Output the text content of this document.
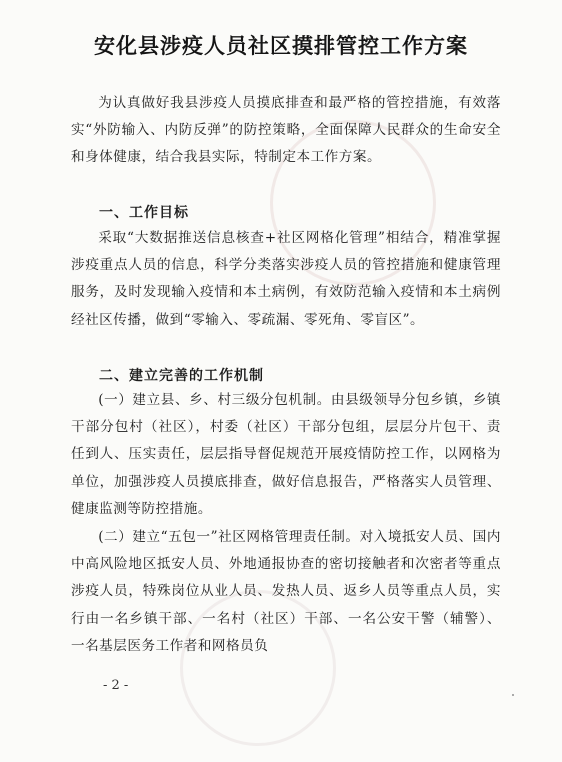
安化县涉疫人员社区摸排管控工作方案
为认真做好我县涉疫人员摸底排查和最严格的管控措施，有效落实“外防输入、内防反弹”的防控策略，全面保障人民群众的生命安全和身体健康，结合我县实际，特制定本工作方案。
一、工作目标
采取“大数据推送信息核查+社区网格化管理”相结合，精准掌握涉疫重点人员的信息，科学分类落实涉疫人员的管控措施和健康管理服务，及时发现输入疫情和本土病例，有效防范输入疫情和本土病例经社区传播，做到“零输入、零疏漏、零死角、零盲区”。
二、建立完善的工作机制
(一）建立县、乡、村三级分包机制。由县级领导分包乡镇，乡镇干部分包村（社区），村委（社区）干部分包组，层层分片包干、责任到人、压实责任，层层指导督促规范开展疫情防控工作，以网格为单位，加强涉疫人员摸底排查，做好信息报告，严格落实人员管理、健康监测等防控措施。
(二）建立“五包一”社区网格管理责任制。对入境抵安人员、国内中高风险地区抵安人员、外地通报协查的密切接触者和次密者等重点涉疫人员，特殊岗位从业人员、发热人员、返乡人员等重点人员，实行由一名乡镇干部、一名村（社区）干部、一名公安干警（辅警）、一名基层医务工作者和网格员负
- 2 -
